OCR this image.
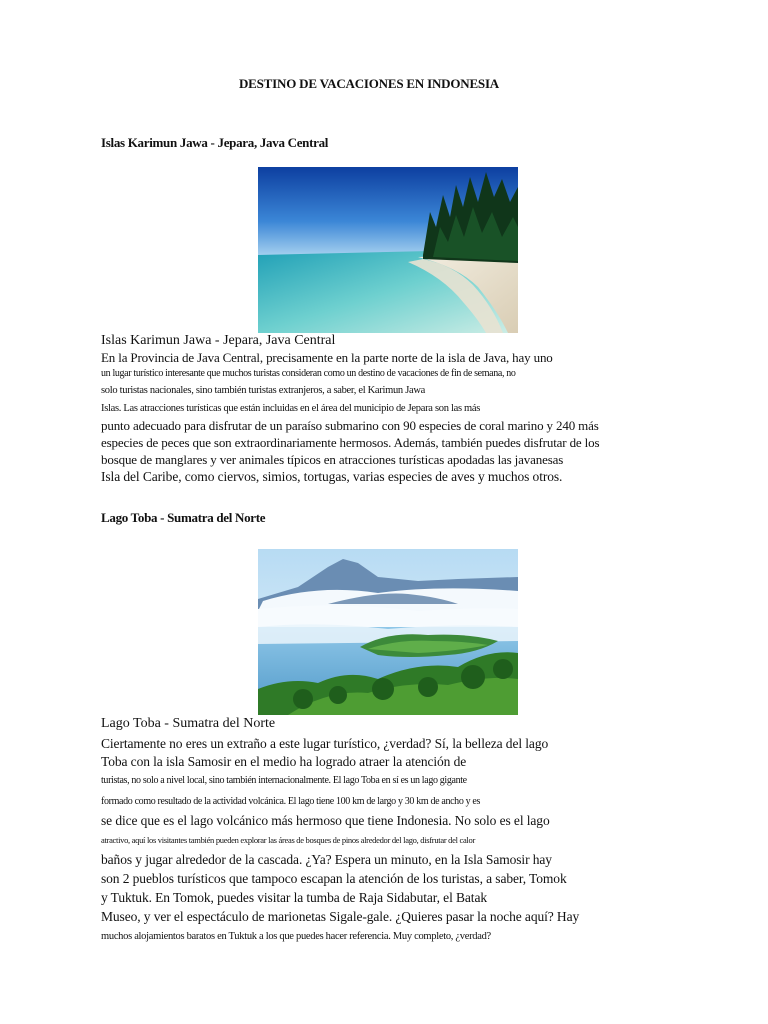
DESTINO DE VACACIONES EN INDONESIA
Islas Karimun Jawa - Jepara, Java Central
Islas Karimun Jawa - Jepara, Java Central
En la Provincia de Java Central, precisamente en la parte norte de la isla de Java, hay uno
un lugar turístico interesante que muchos turistas consideran como un destino de vacaciones de fin de semana, no
solo turistas nacionales, sino también turistas extranjeros, a saber, el Karimun Jawa
Islas. Las atracciones turísticas que están incluidas en el área del municipio de Jepara son las más
punto adecuado para disfrutar de un paraíso submarino con 90 especies de coral marino y 240 más
especies de peces que son extraordinariamente hermosos. Además, también puedes disfrutar de los
bosque de manglares y ver animales típicos en atracciones turísticas apodadas las javanesas
Isla del Caribe, como ciervos, simios, tortugas, varias especies de aves y muchos otros.
Lago Toba - Sumatra del Norte
Lago Toba - Sumatra del Norte
Ciertamente no eres un extraño a este lugar turístico, ¿verdad? Sí, la belleza del lago
Toba con la isla Samosir en el medio ha logrado atraer la atención de
turistas, no solo a nivel local, sino también internacionalmente. El lago Toba en sí es un lago gigante
formado como resultado de la actividad volcánica. El lago tiene 100 km de largo y 30 km de ancho y es
se dice que es el lago volcánico más hermoso que tiene Indonesia. No solo es el lago
atractivo, aquí los visitantes también pueden explorar las áreas de bosques de pinos alrededor del lago, disfrutar del calor
baños y jugar alrededor de la cascada. ¿Ya? Espera un minuto, en la Isla Samosir hay
son 2 pueblos turísticos que tampoco escapan la atención de los turistas, a saber, Tomok
y Tuktuk. En Tomok, puedes visitar la tumba de Raja Sidabutar, el Batak
Museo, y ver el espectáculo de marionetas Sigale-gale. ¿Quieres pasar la noche aquí? Hay
muchos alojamientos baratos en Tuktuk a los que puedes hacer referencia. Muy completo, ¿verdad?
